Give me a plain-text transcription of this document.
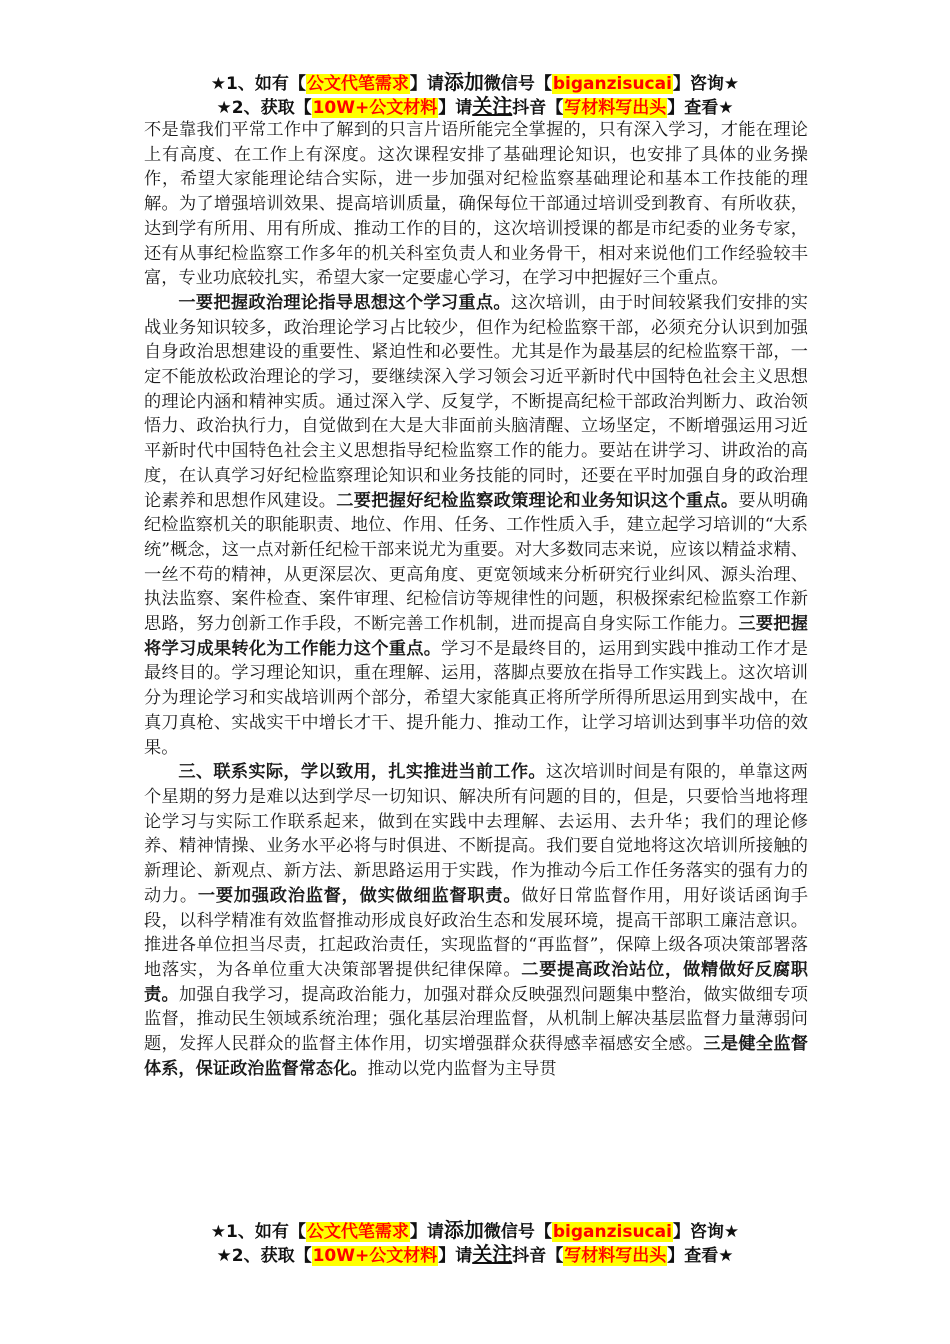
★1、如有【公文代笔需求】请添加微信号【biganzisucai】咨询★
★2、获取【10W+公文材料】请关注抖音【写材料写出头】查看★

不是靠我们平常工作中了解到的只言片语所能完全掌握的，只有深入学习，才能在理论上有高度、在工作上有深度。这次课程安排了基础理论知识，也安排了具体的业务操作，希望大家能理论结合实际，进一步加强对纪检监察基础理论和基本工作技能的理解。为了增强培训效果、提高培训质量，确保每位干部通过培训受到教育、有所收获，达到学有所用、用有所成、推动工作的目的，这次培训授课的都是市纪委的业务专家，还有从事纪检监察工作多年的机关科室负责人和业务骨干，相对来说他们工作经验较丰富，专业功底较扎实，希望大家一定要虚心学习，在学习中把握好三个重点。

一要把握政治理论指导思想这个学习重点。这次培训，由于时间较紧我们安排的实战业务知识较多，政治理论学习占比较少，但作为纪检监察干部，必须充分认识到加强自身政治思想建设的重要性、紧迫性和必要性。尤其是作为最基层的纪检监察干部，一定不能放松政治理论的学习，要继续深入学习领会习近平新时代中国特色社会主义思想的理论内涵和精神实质。通过深入学、反复学，不断提高纪检干部政治判断力、政治领悟力、政治执行力，自觉做到在大是大非面前头脑清醒、立场坚定，不断增强运用习近平新时代中国特色社会主义思想指导纪检监察工作的能力。要站在讲学习、讲政治的高度，在认真学习好纪检监察理论知识和业务技能的同时，还要在平时加强自身的政治理论素养和思想作风建设。二要把握好纪检监察政策理论和业务知识这个重点。要从明确纪检监察机关的职能职责、地位、作用、任务、工作性质入手，建立起学习培训的“大系统”概念，这一点对新任纪检干部来说尤为重要。对大多数同志来说，应该以精益求精、一丝不苟的精神，从更深层次、更高角度、更宽领域来分析研究行业纠风、源头治理、执法监察、案件检查、案件审理、纪检信访等规律性的问题，积极探索纪检监察工作新思路，努力创新工作手段，不断完善工作机制，进而提高自身实际工作能力。三要把握将学习成果转化为工作能力这个重点。学习不是最终目的，运用到实践中推动工作才是最终目的。学习理论知识，重在理解、运用，落脚点要放在指导工作实践上。这次培训分为理论学习和实战培训两个部分，希望大家能真正将所学所得所思运用到实战中，在真刀真枪、实战实干中增长才干、提升能力、推动工作，让学习培训达到事半功倍的效果。

三、联系实际，学以致用，扎实推进当前工作。这次培训时间是有限的，单靠这两个星期的努力是难以达到学尽一切知识、解决所有问题的目的，但是，只要恰当地将理论学习与实际工作联系起来，做到在实践中去理解、去运用、去升华；我们的理论修养、精神情操、业务水平必将与时俱进、不断提高。我们要自觉地将这次培训所接触的新理论、新观点、新方法、新思路运用于实践，作为推动今后工作任务落实的强有力的动力。一要加强政治监督，做实做细监督职责。做好日常监督作用，用好谈话函询手段，以科学精准有效监督推动形成良好政治生态和发展环境，提高干部职工廉洁意识。推进各单位担当尽责，扛起政治责任，实现监督的“再监督”，保障上级各项决策部署落地落实，为各单位重大决策部署提供纪律保障。二要提高政治站位，做精做好反腐职责。加强自我学习，提高政治能力，加强对群众反映强烈问题集中整治，做实做细专项监督，推动民生领域系统治理；强化基层治理监督，从机制上解决基层监督力量薄弱问题，发挥人民群众的监督主体作用，切实增强群众获得感幸福感安全感。三是健全监督体系，保证政治监督常态化。推动以党内监督为主导贯

★1、如有【公文代笔需求】请添加微信号【biganzisucai】咨询★
★2、获取【10W+公文材料】请关注抖音【写材料写出头】查看★
